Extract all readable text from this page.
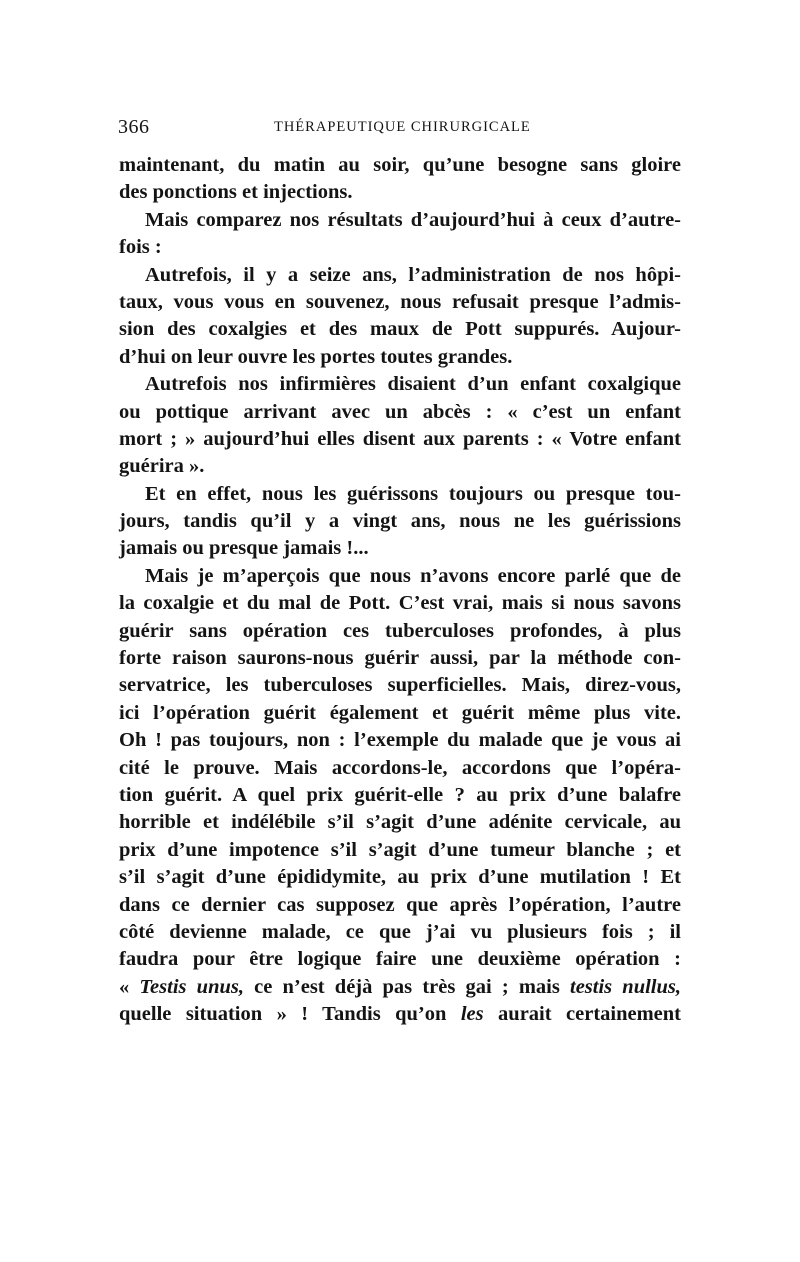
366	THÉRAPEUTIQUE CHIRURGICALE
maintenant, du matin au soir, qu’une besogne sans gloire
des ponctions et injections.
Mais comparez nos résultats d’aujourd’hui à ceux d’autre-
fois :
Autrefois, il y a seize ans, l’administration de nos hôpi-
taux, vous vous en souvenez, nous refusait presque l’admis-
sion des coxalgies et des maux de Pott suppurés. Aujour-
d’hui on leur ouvre les portes toutes grandes.
Autrefois nos infirmières disaient d’un enfant coxalgique
ou pottique arrivant avec un abcès : « c’est un enfant
mort ; » aujourd’hui elles disent aux parents : « Votre enfant
guérira ».
Et en effet, nous les guérissons toujours ou presque tou-
jours, tandis qu’il y a vingt ans, nous ne les guérissions
jamais ou presque jamais !...
Mais je m’aperçois que nous n’avons encore parlé que de
la coxalgie et du mal de Pott. C’est vrai, mais si nous savons
guérir sans opération ces tuberculoses profondes, à plus
forte raison saurons-nous guérir aussi, par la méthode con-
servatrice, les tuberculoses superficielles. Mais, direz-vous,
ici l’opération guérit également et guérit même plus vite.
Oh ! pas toujours, non : l’exemple du malade que je vous ai
cité le prouve. Mais accordons-le, accordons que l’opéra-
tion guérit. A quel prix guérit-elle ? au prix d’une balafre
horrible et indélébile s’il s’agit d’une adénite cervicale, au
prix d’une impotence s’il s’agit d’une tumeur blanche ; et
s’il s’agit d’une épididymite, au prix d’une mutilation ! Et
dans ce dernier cas supposez que après l’opération, l’autre
côté devienne malade, ce que j’ai vu plusieurs fois ; il
faudra pour être logique faire une deuxième opération :
« Testis unus, ce n’est déjà pas très gai ; mais testis nullus,
quelle situation » ! Tandis qu’on les aurait certainement
